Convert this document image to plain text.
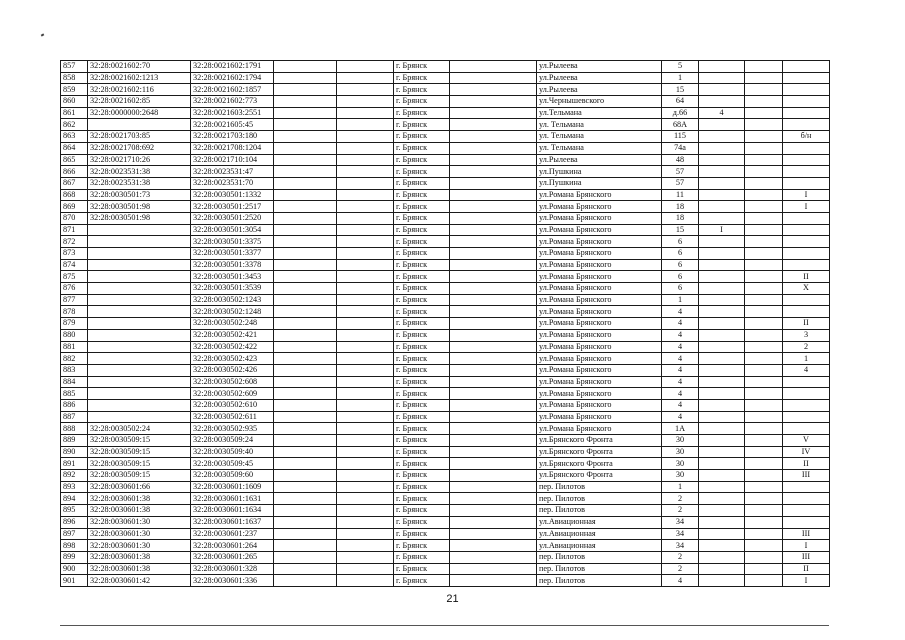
857	32:28:0021602:70	32:28:0021602:1791			г. Брянск		ул.Рылеева	5			
858	32:28:0021602:1213	32:28:0021602:1794			г. Брянск		ул.Рылеева	1			
859	32:28:0021602:116	32:28:0021602:1857			г. Брянск		ул.Рылеева	15			
860	32:28:0021602:85	32:28:0021602:773			г. Брянск		ул.Чернышевского	64			
861	32:28:0000000:2648	32:28:0021603:2551			г. Брянск		ул.Тельмана	д.66	4		
862		32:28:0021605:45			г. Брянск		ул. Тельмана	68А			
863	32:28:0021703:85	32:28:0021703:180			г. Брянск		ул. Тельмана	115			б/н
864	32:28:0021708:692	32:28:0021708:1204			г. Брянск		ул. Тельмана	74а			
865	32:28:0021710:26	32:28:0021710:104			г. Брянск		ул.Рылеева	48			
866	32:28:0023531:38	32:28:0023531:47			г. Брянск		ул.Пушкина	57			
867	32:28:0023531:38	32:28:0023531:70			г. Брянск		ул.Пушкина	57			
868	32:28:0030501:73	32:28:0030501:1332			г. Брянск		ул.Романа Брянского	11			I
869	32:28:0030501:98	32:28:0030501:2517			г. Брянск		ул.Романа Брянского	18			I
870	32:28:0030501:98	32:28:0030501:2520			г. Брянск		ул.Романа Брянского	18			
871		32:28:0030501:3054			г. Брянск		ул.Романа Брянского	15	I		
872		32:28:0030501:3375			г. Брянск		ул.Романа Брянского	6			
873		32:28:0030501:3377			г. Брянск		ул.Романа Брянского	6			
874		32:28:0030501:3378			г. Брянск		ул.Романа Брянского	6			
875		32:28:0030501:3453			г. Брянск		ул.Романа Брянского	6			II
876		32:28:0030501:3539			г. Брянск		ул.Романа Брянского	6			X
877		32:28:0030502:1243			г. Брянск		ул.Романа Брянского	1			
878		32:28:0030502:1248			г. Брянск		ул.Романа Брянского	4			
879		32:28:0030502:248			г. Брянск		ул.Романа Брянского	4			II
880		32:28:0030502:421			г. Брянск		ул.Романа Брянского	4			3
881		32:28:0030502:422			г. Брянск		ул.Романа Брянского	4			2
882		32:28:0030502:423			г. Брянск		ул.Романа Брянского	4			1
883		32:28:0030502:426			г. Брянск		ул.Романа Брянского	4			4
884		32:28:0030502:608			г. Брянск		ул.Романа Брянского	4			
885		32:28:0030502:609			г. Брянск		ул.Романа Брянского	4			
886		32:28:0030502:610			г. Брянск		ул.Романа Брянского	4			
887		32:28:0030502:611			г. Брянск		ул.Романа Брянского	4			
888	32:28:0030502:24	32:28:0030502:935			г. Брянск		ул.Романа Брянского	1А			
889	32:28:0030509:15	32:28:0030509:24			г. Брянск		ул.Брянского Фронта	30			V
890	32:28:0030509:15	32:28:0030509:40			г. Брянск		ул.Брянского Фронта	30			IV
891	32:28:0030509:15	32:28:0030509:45			г. Брянск		ул.Брянского Фронта	30			II
892	32:28:0030509:15	32:28:0030509:60			г. Брянск		ул.Брянского Фронта	30			III
893	32:28:0030601:66	32:28:0030601:1609			г. Брянск		пер. Пилотов	1			
894	32:28:0030601:38	32:28:0030601:1631			г. Брянск		пер. Пилотов	2			
895	32:28:0030601:38	32:28:0030601:1634			г. Брянск		пер. Пилотов	2			
896	32:28:0030601:30	32:28:0030601:1637			г. Брянск		ул.Авиационная	34			
897	32:28:0030601:30	32:28:0030601:237			г. Брянск		ул.Авиационная	34			III
898	32:28:0030601:30	32:28:0030601:264			г. Брянск		ул.Авиационная	34			I
899	32:28:0030601:38	32:28:0030601:265			г. Брянск		пер. Пилотов	2			III
900	32:28:0030601:38	32:28:0030601:328			г. Брянск		пер. Пилотов	2			II
901	32:28:0030601:42	32:28:0030601:336			г. Брянск		пер. Пилотов	4			I
21
